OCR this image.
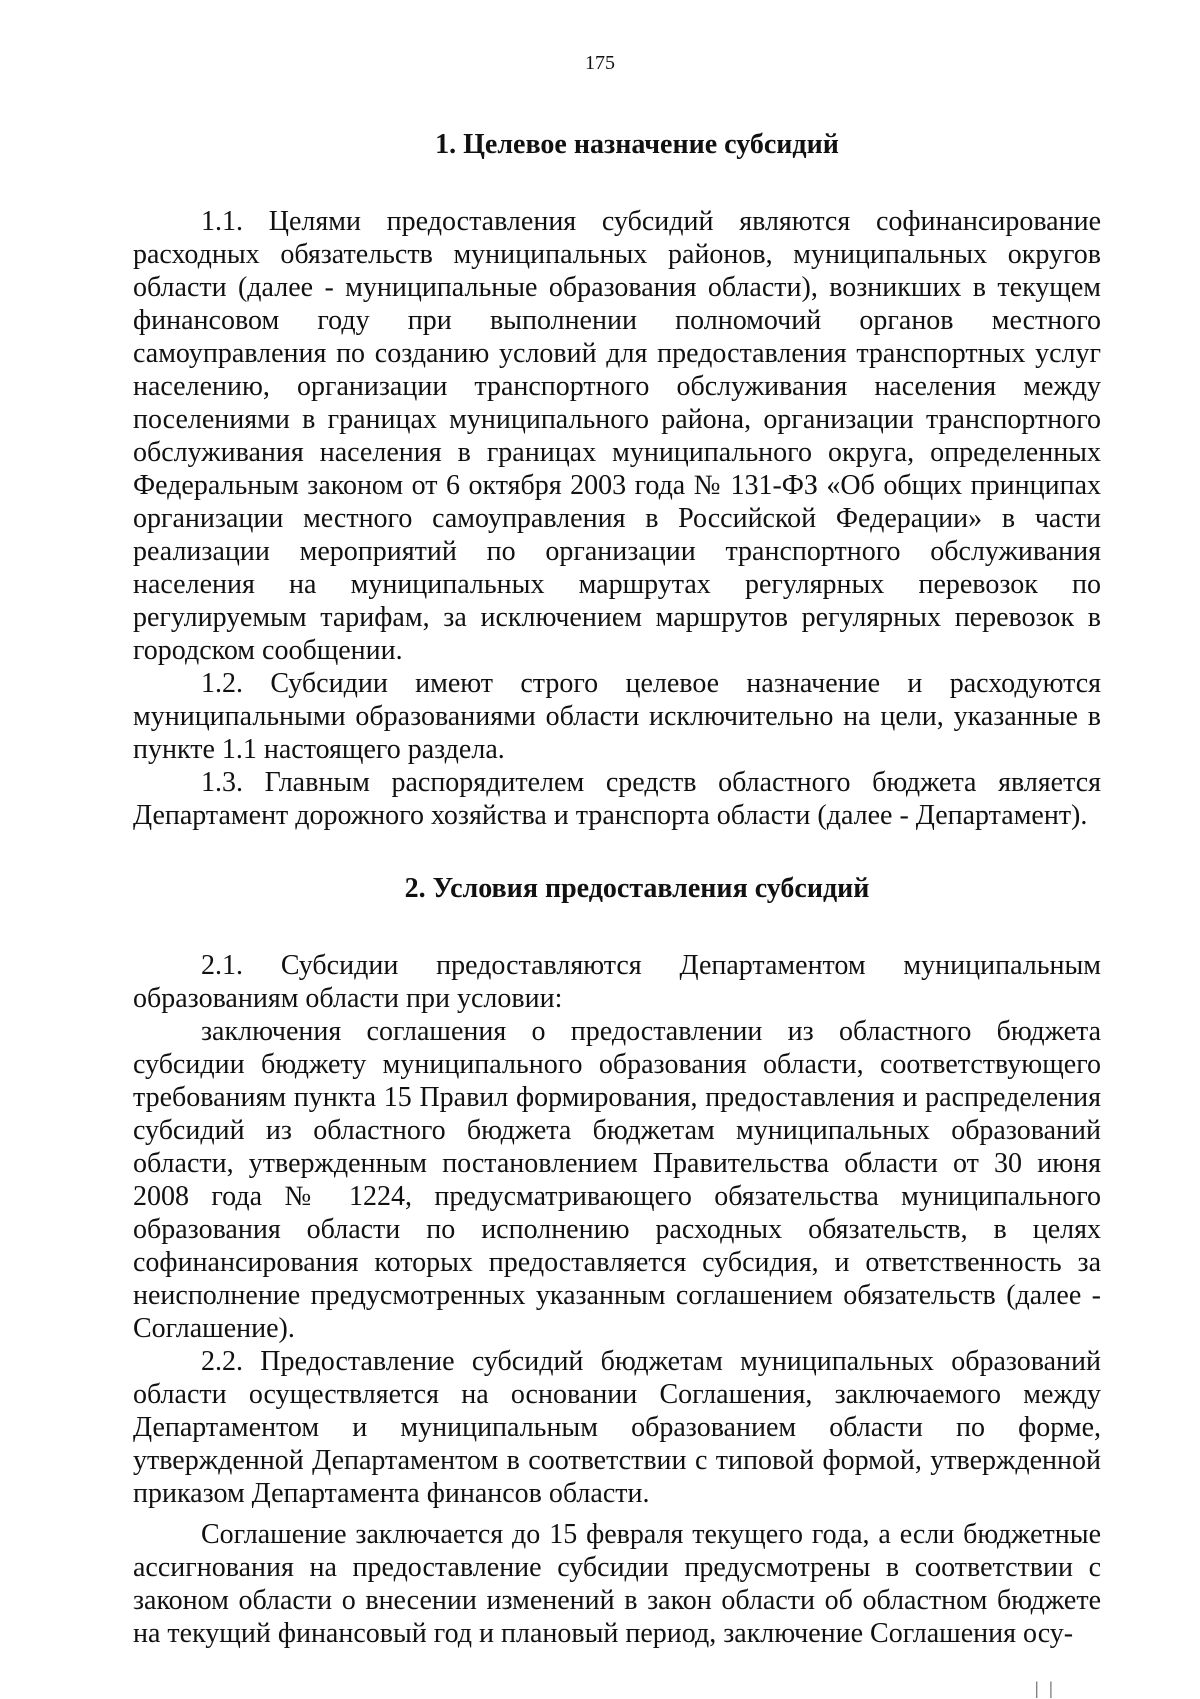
175
1. Целевое назначение субсидий

1.1. Целями предоставления субсидий являются софинансирование расходных обязательств муниципальных районов, муниципальных округов области (далее - муниципальные образования области), возникших в текущем финансовом году при выполнении полномочий органов местного самоуправления по созданию условий для предоставления транспортных услуг населению, организации транспортного обслуживания населения между поселениями в границах муниципального района, организации транспортного обслуживания населения в границах муниципального округа, определенных Федеральным законом от 6 октября 2003 года № 131-ФЗ «Об общих принципах организации местного самоуправления в Российской Федерации» в части реализации мероприятий по организации транспортного обслуживания населения на муниципальных маршрутах регулярных перевозок по регулируемым тарифам, за исключением маршрутов регулярных перевозок в городском сообщении.

1.2. Субсидии имеют строго целевое назначение и расходуются муниципальными образованиями области исключительно на цели, указанные в пункте 1.1 настоящего раздела.

1.3. Главным распорядителем средств областного бюджета является Департамент дорожного хозяйства и транспорта области (далее - Департамент).

2. Условия предоставления субсидий

2.1. Субсидии предоставляются Департаментом муниципальным образованиям области при условии:

заключения соглашения о предоставлении из областного бюджета субсидии бюджету муниципального образования области, соответствующего требованиям пункта 15 Правил формирования, предоставления и распределения субсидий из областного бюджета бюджетам муниципальных образований области, утвержденным постановлением Правительства области от 30 июня 2008 года № 1224, предусматривающего обязательства муниципального образования области по исполнению расходных обязательств, в целях софинансирования которых предоставляется субсидия, и ответственность за неисполнение предусмотренных указанным соглашением обязательств (далее - Соглашение).

2.2. Предоставление субсидий бюджетам муниципальных образований области осуществляется на основании Соглашения, заключаемого между Департаментом и муниципальным образованием области по форме, утвержденной Департаментом в соответствии с типовой формой, утвержденной приказом Департамента финансов области.

Соглашение заключается до 15 февраля текущего года, а если бюджетные ассигнования на предоставление субсидии предусмотрены в соответствии с законом области о внесении изменений в закон области об областном бюджете на текущий финансовый год и плановый период, заключение Соглашения осу-

| |
